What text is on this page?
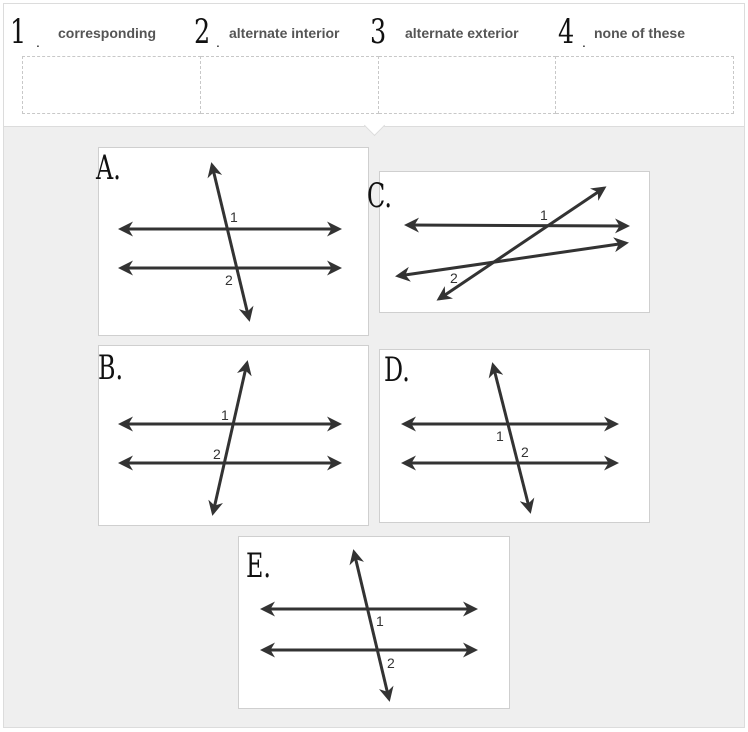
1 .
corresponding 2 .
alternate interior 3 alternate exterior 4 .
none of these
1
2
A.
1
2
C.
1
2
B.
1
2
D.
1
2
E.
